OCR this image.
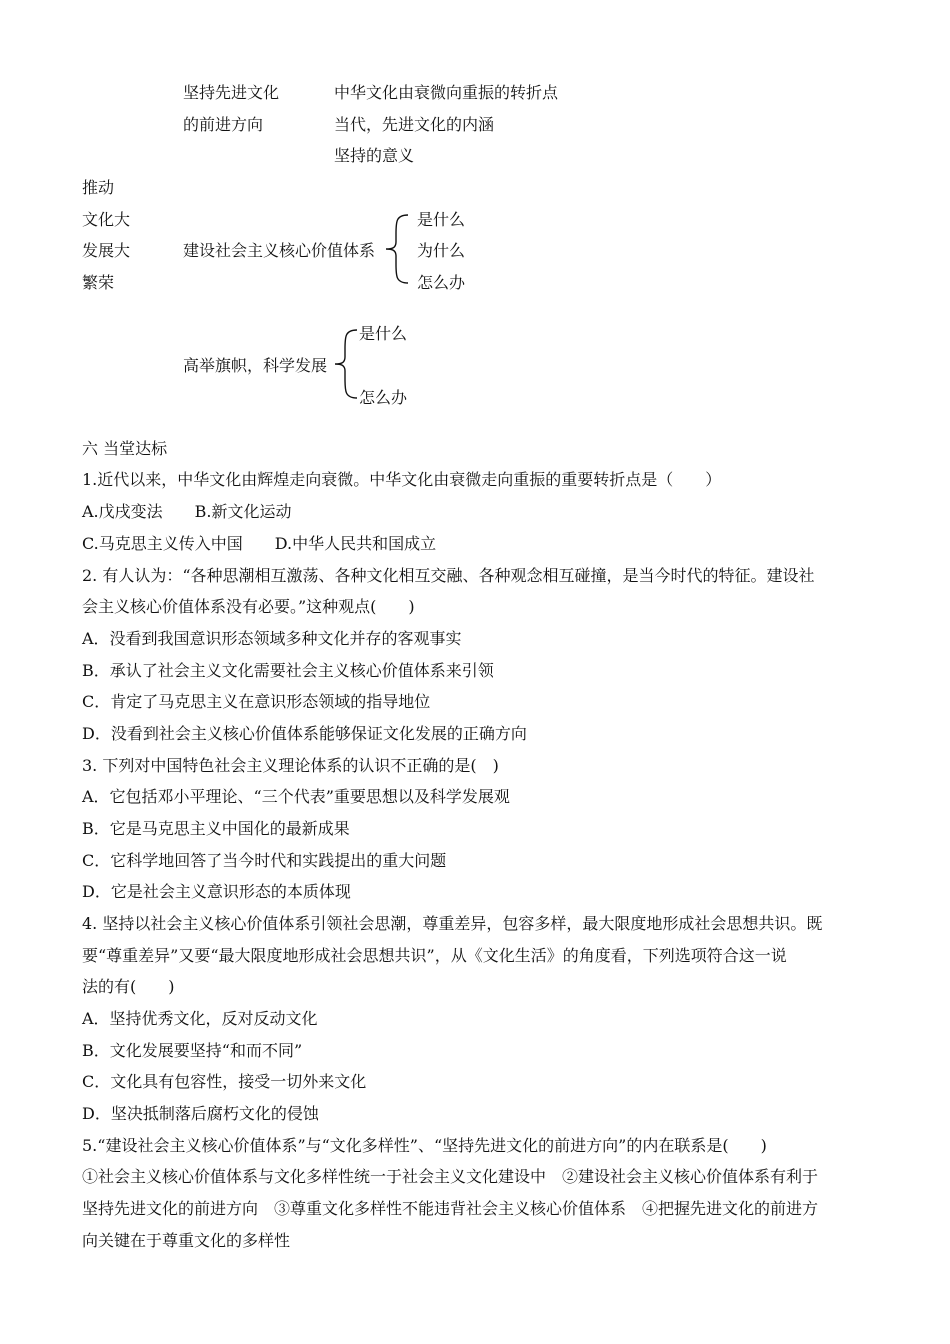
坚持先进文化
的前进方向
中华文化由衰微向重振的转折点
当代，先进文化的内涵
坚持的意义
推动
文化大
发展大
繁荣
建设社会主义核心价值体系
是什么
为什么
怎么办
高举旗帜，科学发展
是什么
怎么办
六 当堂达标
1.近代以来，中华文化由辉煌走向衰微。中华文化由衰微走向重振的重要转折点是（　　）
A.戊戌变法　　B.新文化运动
C.马克思主义传入中国　　D.中华人民共和国成立
2. 有人认为：“各种思潮相互激荡、各种文化相互交融、各种观念相互碰撞，是当今时代的特征。建设社
会主义核心价值体系没有必要。”这种观点(　　)
A．没看到我国意识形态领域多种文化并存的客观事实
B．承认了社会主义文化需要社会主义核心价值体系来引领
C．肯定了马克思主义在意识形态领域的指导地位
D．没看到社会主义核心价值体系能够保证文化发展的正确方向
3. 下列对中国特色社会主义理论体系的认识不正确的是(　)
A．它包括邓小平理论、“三个代表”重要思想以及科学发展观
B．它是马克思主义中国化的最新成果
C．它科学地回答了当今时代和实践提出的重大问题
D．它是社会主义意识形态的本质体现
4. 坚持以社会主义核心价值体系引领社会思潮，尊重差异，包容多样，最大限度地形成社会思想共识。既
要“尊重差异”又要“最大限度地形成社会思想共识”，从《文化生活》的角度看，下列选项符合这一说
法的有(　　)
A．坚持优秀文化，反对反动文化
B．文化发展要坚持“和而不同”
C．文化具有包容性，接受一切外来文化
D．坚决抵制落后腐朽文化的侵蚀
5.“建设社会主义核心价值体系”与“文化多样性”、“坚持先进文化的前进方向”的内在联系是(　　)
①社会主义核心价值体系与文化多样性统一于社会主义文化建设中　②建设社会主义核心价值体系有利于
坚持先进文化的前进方向　③尊重文化多样性不能违背社会主义核心价值体系　④把握先进文化的前进方
向关键在于尊重文化的多样性
